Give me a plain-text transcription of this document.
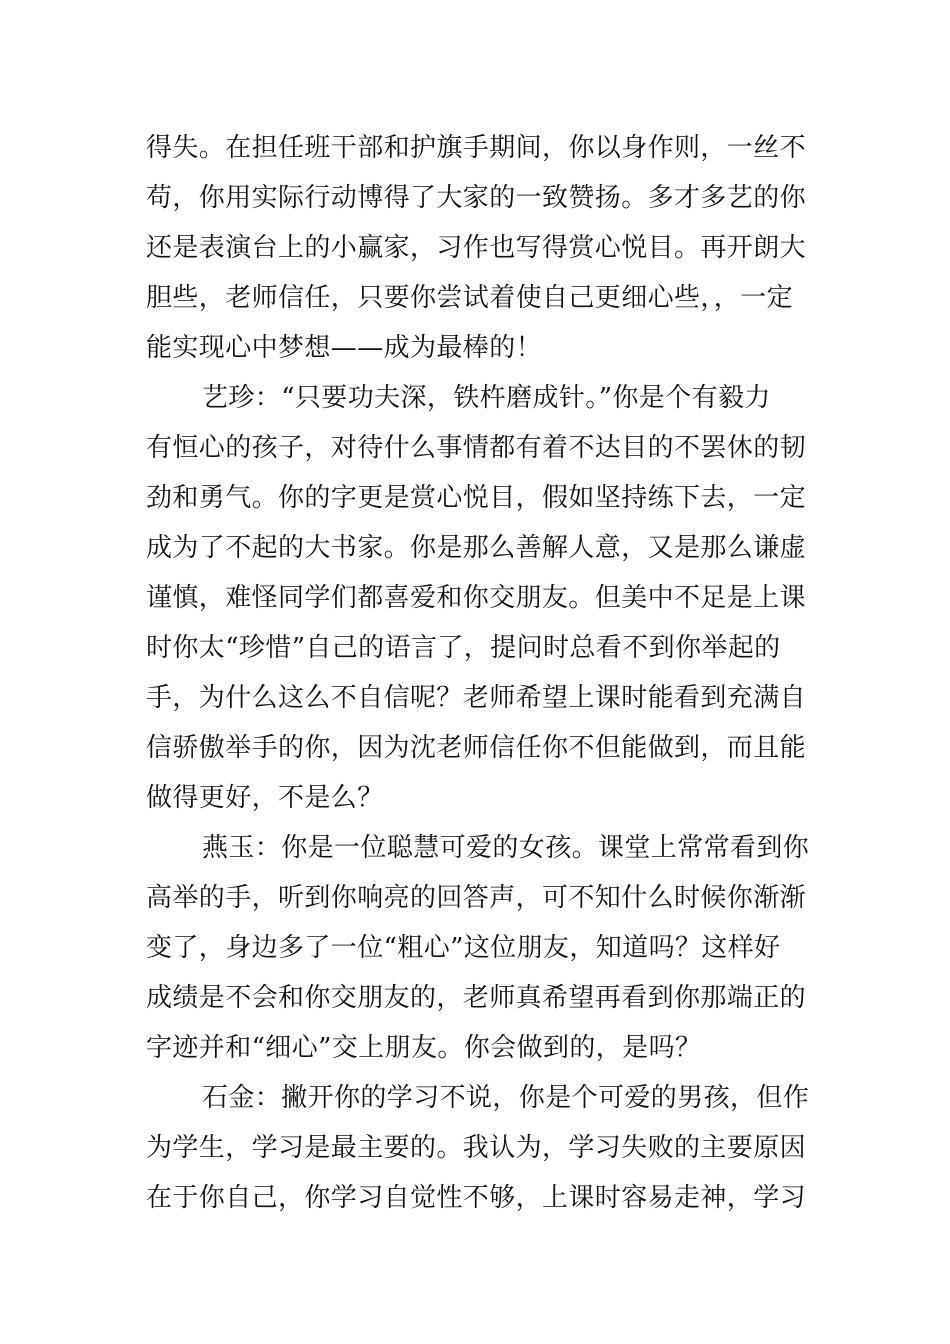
得失。在担任班干部和护旗手期间，你以身作则，一丝不
苟，你用实际行动博得了大家的一致赞扬。多才多艺的你
还是表演台上的小赢家，习作也写得赏心悦目。再开朗大
胆些，老师信任，只要你尝试着使自己更细心些，，一定
能实现心中梦想——成为最棒的！
艺珍：“只要功夫深，铁杵磨成针。”你是个有毅力
有恒心的孩子，对待什么事情都有着不达目的不罢休的韧
劲和勇气。你的字更是赏心悦目，假如坚持练下去，一定
成为了不起的大书家。你是那么善解人意，又是那么谦虚
谨慎，难怪同学们都喜爱和你交朋友。但美中不足是上课
时你太“珍惜”自己的语言了，提问时总看不到你举起的
手，为什么这么不自信呢？老师希望上课时能看到充满自
信骄傲举手的你，因为沈老师信任你不但能做到，而且能
做得更好，不是么？
燕玉：你是一位聪慧可爱的女孩。课堂上常常看到你
高举的手，听到你响亮的回答声，可不知什么时候你渐渐
变了，身边多了一位“粗心”这位朋友，知道吗？这样好
成绩是不会和你交朋友的，老师真希望再看到你那端正的
字迹并和“细心”交上朋友。你会做到的，是吗？
石金：撇开你的学习不说，你是个可爱的男孩，但作
为学生，学习是最主要的。我认为，学习失败的主要原因
在于你自己，你学习自觉性不够，上课时容易走神，学习
